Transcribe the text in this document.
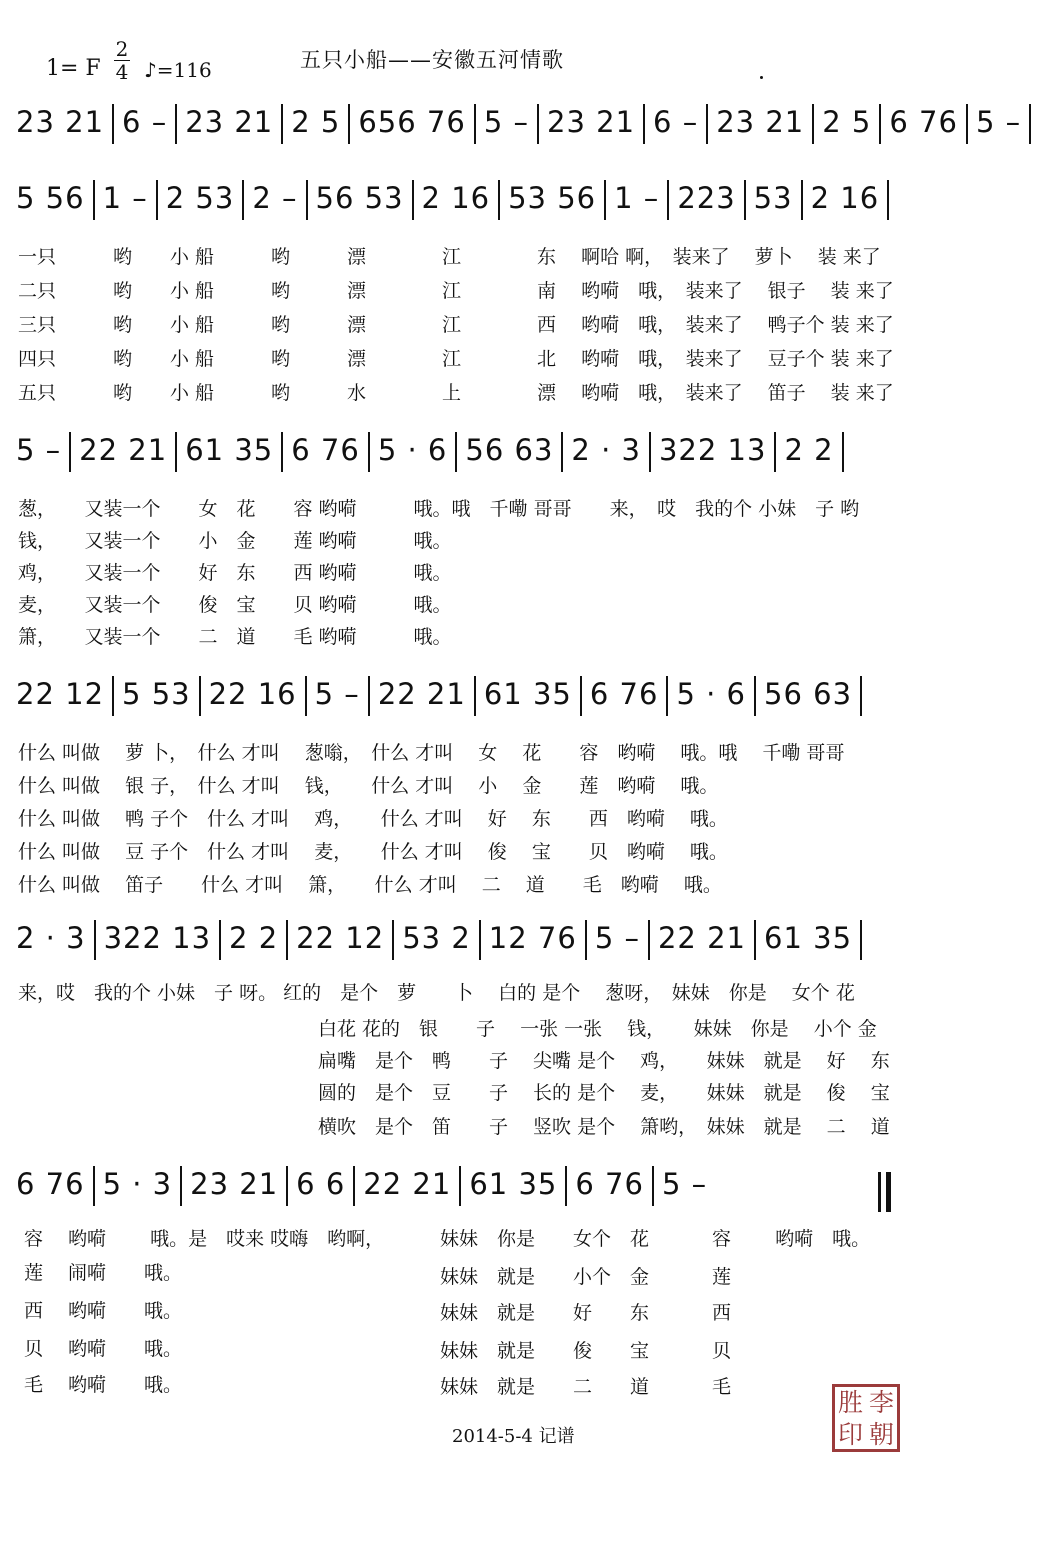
1= F
2
4 ♪=116	五只小船——安徽五河情歌
23 21 6 – 23 21 2 5 656 76 5 – 23 21 6 – 23 21 2 5 6 76 5 –
5 56 1 – 2 53 2 – 56 53 2 16 53 56 1 – 223 53 2 16
一只　　　哟　　小 船　　　哟　　　漂　　　　江　　　　东　 啊哈 啊，　装来了　 萝卜　 装 来了
二只　　　哟　　小 船　　　哟　　　漂　　　　江　　　　南　 哟嗬　哦，　装来了　 银子　 装 来了
三只　　　哟　　小 船　　　哟　　　漂　　　　江　　　　西　 哟嗬　哦，　装来了　 鸭子个 装 来了
四只　　　哟　　小 船　　　哟　　　漂　　　　江　　　　北　 哟嗬　哦，　装来了　 豆子个 装 来了
五只　　　哟　　小 船　　　哟　　　水　　　　上　　　　漂　 哟嗬　哦，　装来了　 笛子　 装 来了
5 – 22 21 61 35 6 76 5 · 6 56 63 2 · 3 322 13 2 2
葱，　　又装一个　　女　花　　容 哟嗬　　　哦。哦　千嘞 哥哥　　来，　哎　我的个 小妹　子 哟
钱，　　又装一个　　小　金　　莲 哟嗬　　　哦。
鸡，　　又装一个　　好　东　　西 哟嗬　　　哦。
麦，　　又装一个　　俊　宝　　贝 哟嗬　　　哦。
箫，　　又装一个　　二　道　　毛 哟嗬　　　哦。
22 12 5 53 22 16 5 – 22 21 61 35 6 76 5 · 6 56 63
什么 叫做　 萝 卜，　什么 才叫　 葱嗡，　什么 才叫　 女　 花　　容　哟嗬　 哦。哦　 千嘞 哥哥
什么 叫做　 银 子，　什么 才叫　 钱，　　什么 才叫　 小　 金　　莲　哟嗬　 哦。
什么 叫做　 鸭 子个　什么 才叫　 鸡，　　什么 才叫　 好　 东　　西　哟嗬　 哦。
什么 叫做　 豆 子个　什么 才叫　 麦，　　什么 才叫　 俊　 宝　　贝　哟嗬　 哦。
什么 叫做　 笛子　　什么 才叫　 箫，　　什么 才叫　 二　 道　　毛　哟嗬　 哦。
2 · 3 322 13 2 2 22 12 53 2 12 76 5 – 22 21 61 35
来，哎　我的个 小妹　子 呀。 红的　是个　萝　　卜　 白的 是个　 葱呀，　妹妹　你是　 女个 花
白花 花的　银　　子　 一张 一张　 钱，　　妹妹　你是　 小个 金
扁嘴　是个　鸭　　子　 尖嘴 是个　 鸡，　　妹妹　就是　 好　 东
圆的　是个　豆　　子　 长的 是个　 麦，　　妹妹　就是　 俊　 宝
横吹　是个　笛　　子　 竖吹 是个　 箫哟，　妹妹　就是　 二　 道
6 76 5 · 3 23 21 6 6 22 21 61 35 6 76 5 –
容　 哟嗬　　 哦。是　哎来 哎嗨　哟啊，
莲　 闹嗬　　哦。
西　 哟嗬　　哦。
贝　 哟嗬　　哦。
毛　 哟嗬　　哦。
妹妹　你是　　女个　花　　　 容　　 哟嗬　哦。
妹妹　就是　　小个　金　　　 莲
妹妹　就是　　好　　东　　　 西
妹妹　就是　　俊　　宝　　　 贝
妹妹　就是　　二　　道　　　 毛
胜 李
印 朝
2014-5-4 记谱
